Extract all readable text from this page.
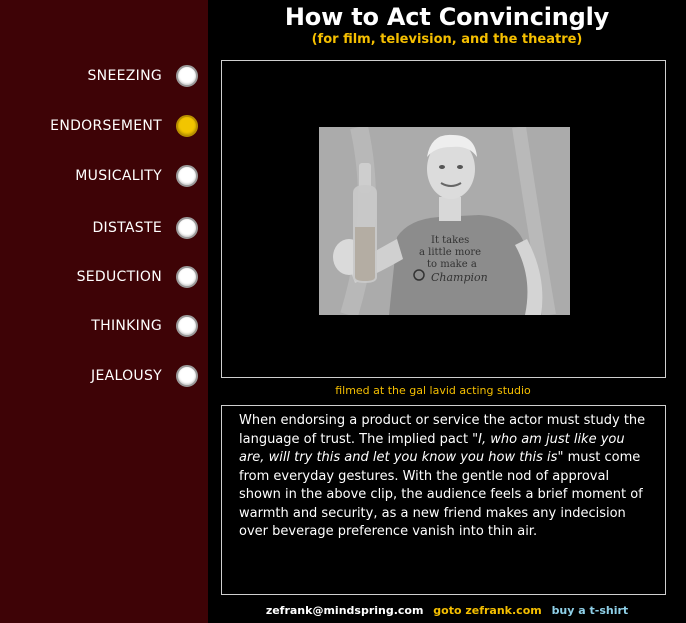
SNEEZING
ENDORSEMENT
MUSICALITY
DISTASTE
SEDUCTION
THINKING
JEALOUSY
How to Act Convincingly
(for film, television, and the theatre)
It takes
a little more
to make a
Champion
filmed at the gal lavid acting studio
When endorsing a product or service the actor must study the language of trust. The implied pact "I, who am just like you are, will try this and let you know you how this is" must come from everyday gestures. With the gentle nod of approval shown in the above clip, the audience feels a brief moment of warmth and security, as a new friend makes any indecision over beverage preference vanish into thin air.
zefrank@mindspring.com goto zefrank.com buy a t-shirt
